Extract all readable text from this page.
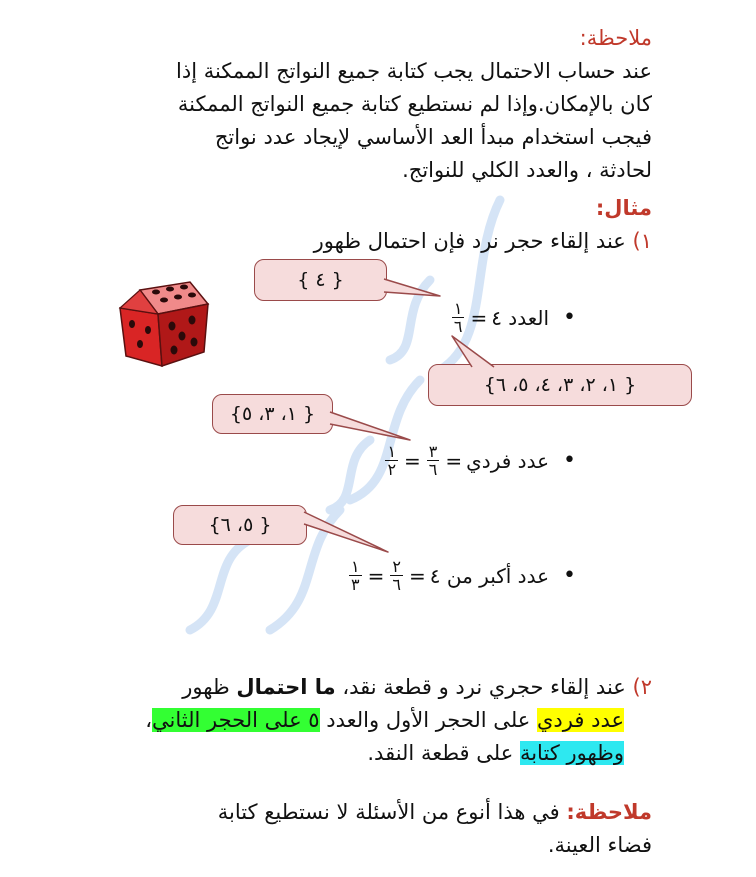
ملاحظة:
عند حساب الاحتمال يجب كتابة جميع النواتج الممكنة إذا
كان بالإمكان.وإذا لم نستطيع كتابة جميع النواتج الممكنة
فيجب استخدام مبدأ العد الأساسي لإيجاد عدد نواتج
لحادثة ، والعدد الكلي للنواتج.
مثال:
١) عند إلقاء حجر نرد فإن احتمال ظهور
{ ٤ }
{ ١، ٢، ٣، ٤، ٥، ٦}
{ ١، ٣، ٥}
{ ٥، ٦}
•
العدد ٤
=
$\frac{١}{٦}$
•
عدد فردي
=
$\frac{٣}{٦}$
=
$\frac{١}{٢}$
•
عدد أكبر من ٤
=
$\frac{٢}{٦}$
=
$\frac{١}{٣}$
٢) عند إلقاء حجري نرد و قطعة نقد، ما احتمال ظهور
عدد فردي على الحجر الأول والعدد ٥ على الحجر الثاني،
وظهور كتابة على قطعة النقد.
ملاحظة: في هذا أنوع من الأسئلة لا نستطيع كتابة
فضاء العينة.
